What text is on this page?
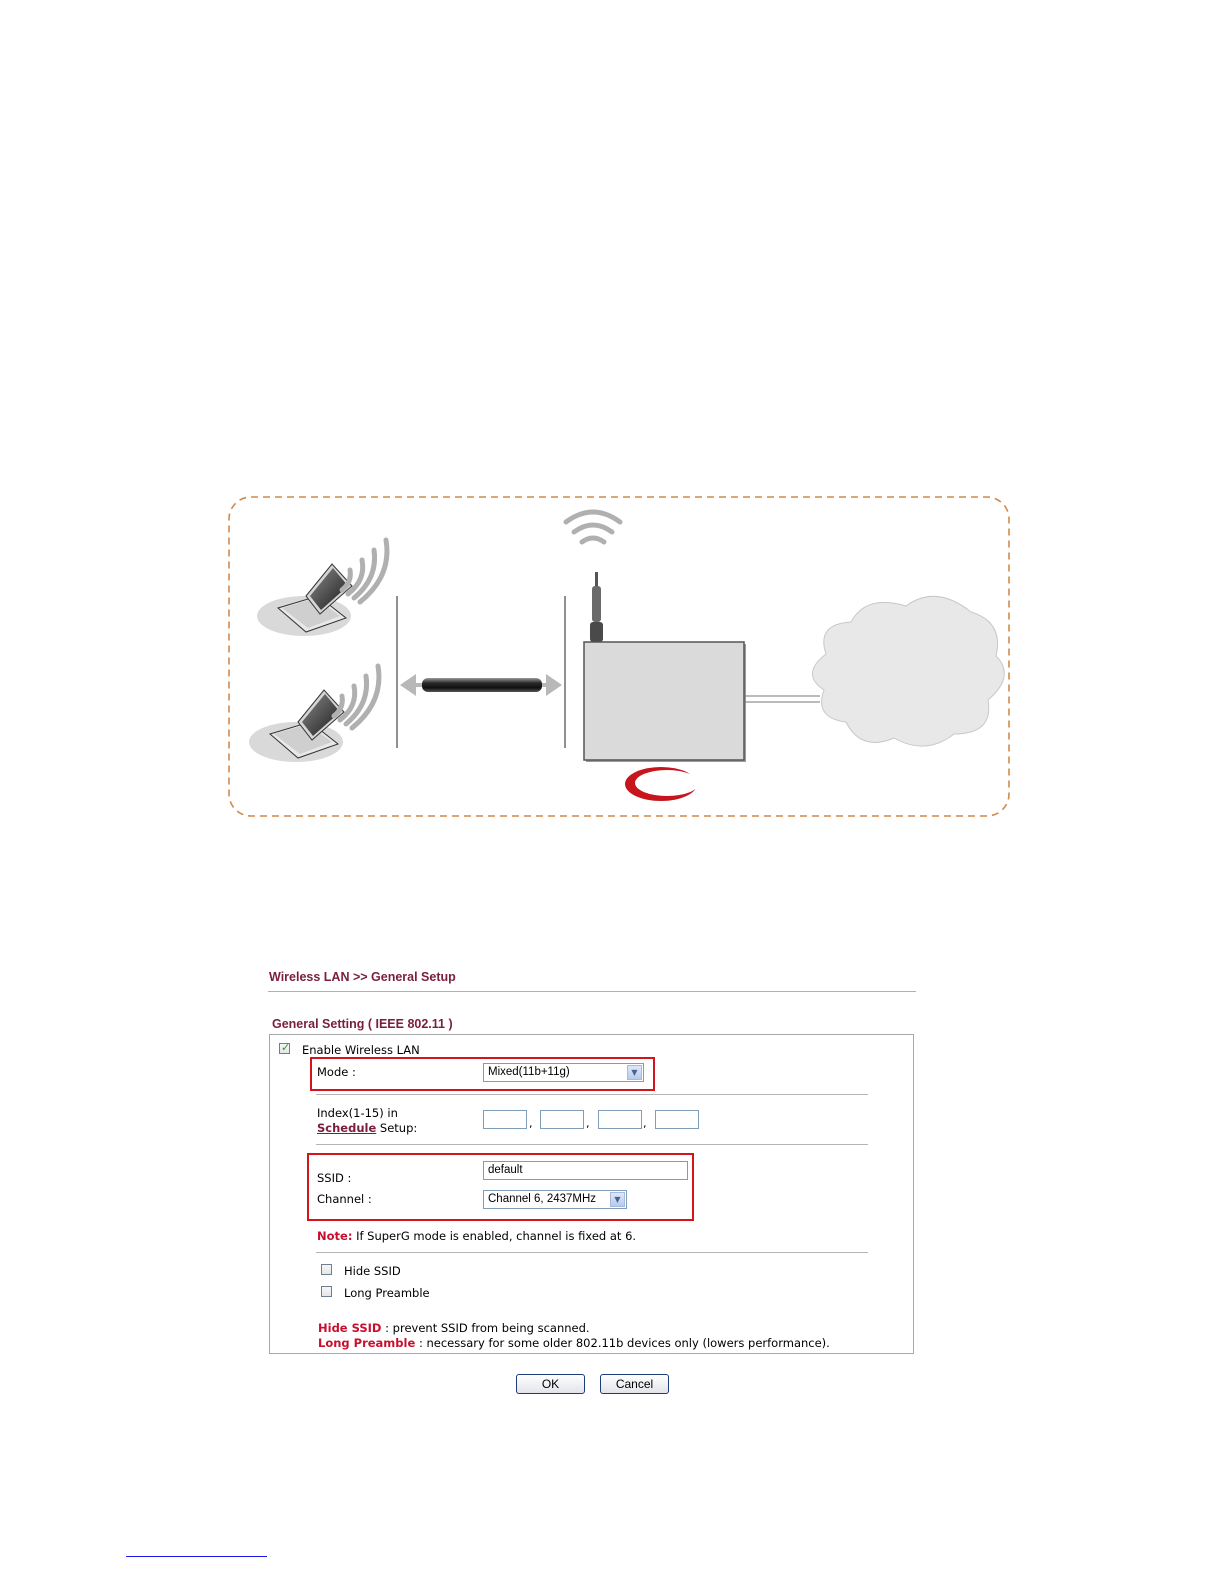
Wireless LAN >> General Setup
General Setting ( IEEE 802.11 )
✓ Enable Wireless LAN
Mode :	Mixed(11b+11g)	▼
Index(1-15) in
Schedule Setup:	,	,	,
SSID :
default
Channel :	Channel 6, 2437MHz	▼
Note: If SuperG mode is enabled, channel is fixed at 6.
Hide SSID
Long Preamble
Hide SSID : prevent SSID from being scanned.
Long Preamble : necessary for some older 802.11b devices only (lowers performance).
OK	Cancel
